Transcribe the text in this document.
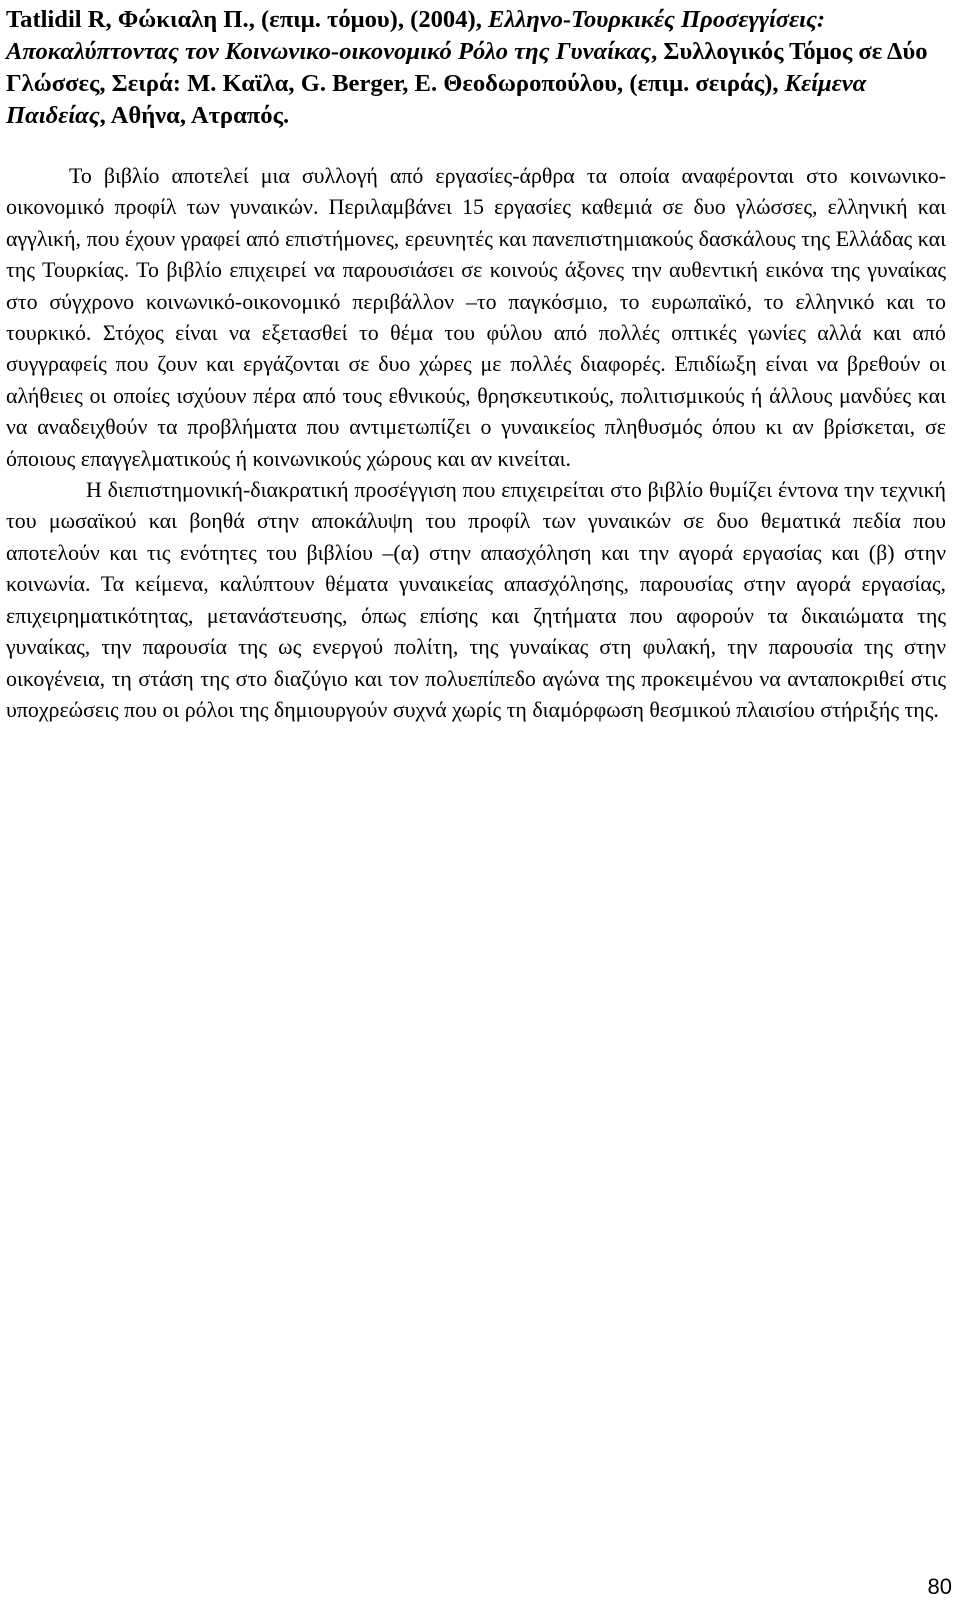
Tatlidil R, Φώκιαλη Π., (επιμ. τόμου), (2004), Ελληνο-Τουρκικές Προσεγγίσεις: Αποκαλύπτοντας τον Κοινωνικο-οικονομικό Ρόλο της Γυναίκας, Συλλογικός Τόμος σε Δύο Γλώσσες, Σειρά: Μ. Καϊλα, G. Berger, Ε. Θεοδωροπούλου, (επιμ. σειράς), Κείμενα Παιδείας, Αθήνα, Ατραπός.

Το βιβλίο αποτελεί μια συλλογή από εργασίες-άρθρα τα οποία αναφέρονται στο κοινωνικο-οικονομικό προφίλ των γυναικών. Περιλαμβάνει 15 εργασίες καθεμιά σε δυο γλώσσες, ελληνική και αγγλική, που έχουν γραφεί από επιστήμονες, ερευνητές και πανεπιστημιακούς δασκάλους της Ελλάδας και της Τουρκίας. Το βιβλίο επιχειρεί να παρουσιάσει σε κοινούς άξονες την αυθεντική εικόνα της γυναίκας στο σύγχρονο κοινωνικό-οικονομικό περιβάλλον –το παγκόσμιο, το ευρωπαϊκό, το ελληνικό και το τουρκικό. Στόχος είναι να εξετασθεί το θέμα του φύλου από πολλές οπτικές γωνίες αλλά και από συγγραφείς που ζουν και εργάζονται σε δυο χώρες με πολλές διαφορές. Επιδίωξη είναι να βρεθούν οι αλήθειες οι οποίες ισχύουν πέρα από τους εθνικούς, θρησκευτικούς, πολιτισμικούς ή άλλους μανδύες και να αναδειχθούν τα προβλήματα που αντιμετωπίζει ο γυναικείος πληθυσμός όπου κι αν βρίσκεται, σε όποιους επαγγελματικούς ή κοινωνικούς χώρους και αν κινείται.

Η διεπιστημονική-διακρατική προσέγγιση που επιχειρείται στο βιβλίο θυμίζει έντονα την τεχνική του μωσαϊκού και βοηθά στην αποκάλυψη του προφίλ των γυναικών σε δυο θεματικά πεδία που αποτελούν και τις ενότητες του βιβλίου –(α) στην απασχόληση και την αγορά εργασίας και (β) στην κοινωνία. Τα κείμενα, καλύπτουν θέματα γυναικείας απασχόλησης, παρουσίας στην αγορά εργασίας, επιχειρηματικότητας, μετανάστευσης, όπως επίσης και ζητήματα που αφορούν τα δικαιώματα της γυναίκας, την παρουσία της ως ενεργού πολίτη, της γυναίκας στη φυλακή, την παρουσία της στην οικογένεια, τη στάση της στο διαζύγιο και τον πολυεπίπεδο αγώνα της προκειμένου να ανταποκριθεί στις υποχρεώσεις που οι ρόλοι της δημιουργούν συχνά χωρίς τη διαμόρφωση θεσμικού πλαισίου στήριξής της.

80
